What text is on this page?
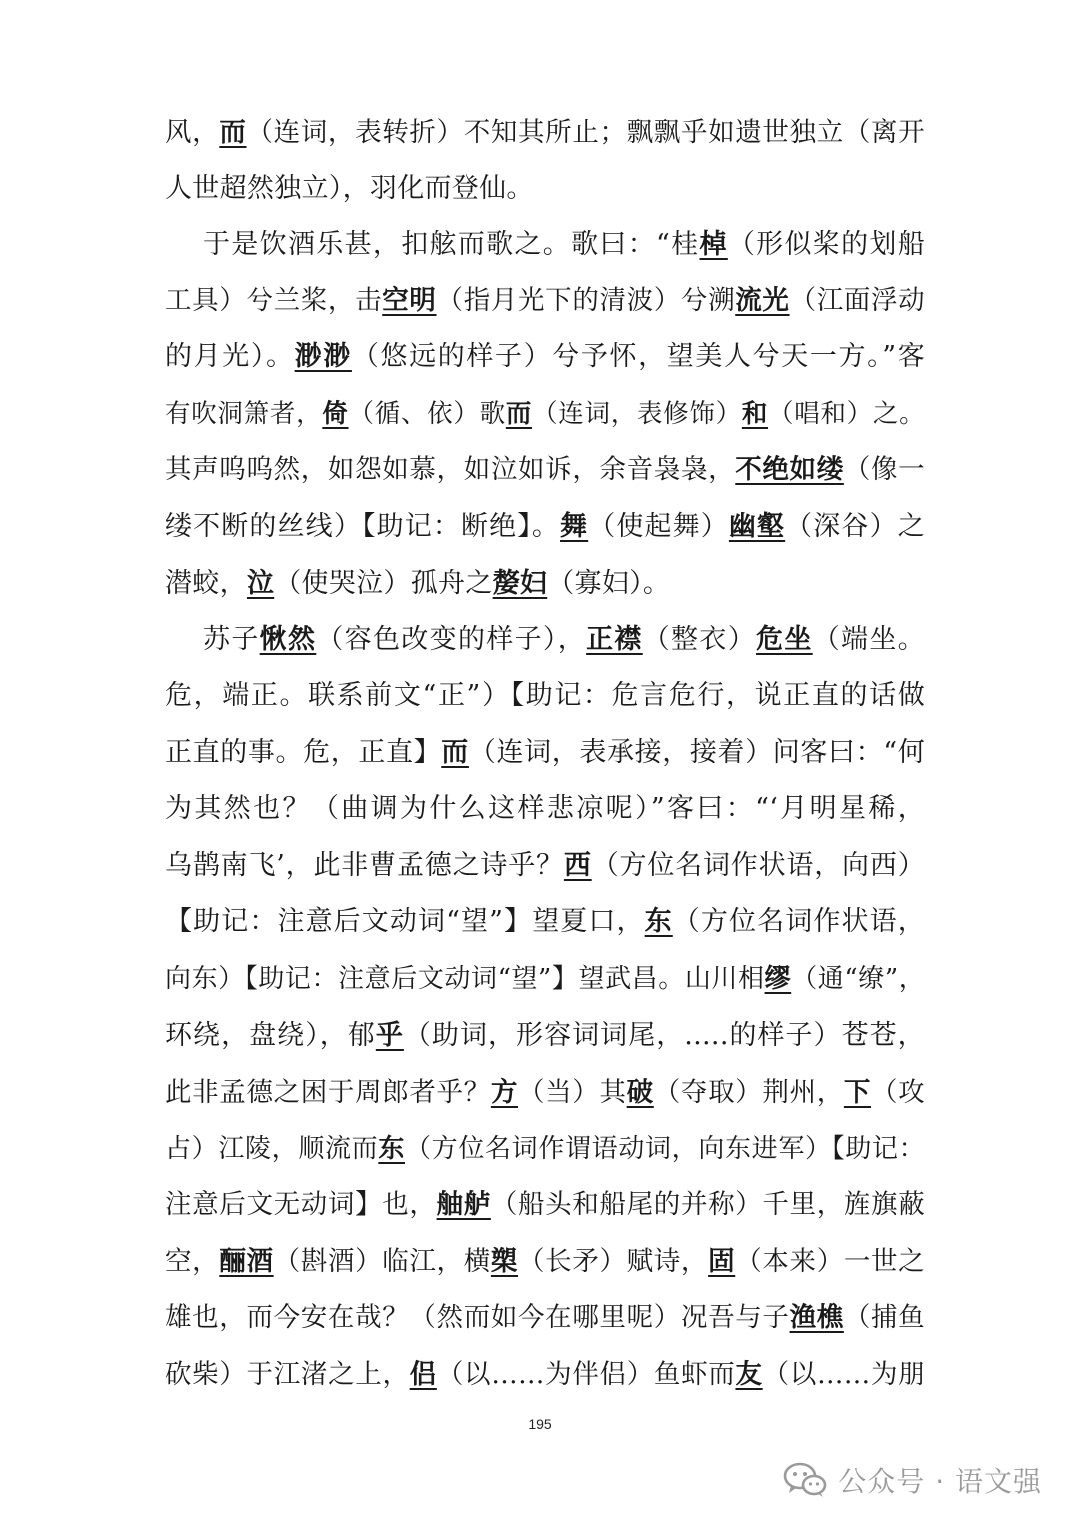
风，而（连词，表转折）不知其所止；飘飘乎如遗世独立（离开
人世超然独立），羽化而登仙。
于是饮酒乐甚，扣舷而歌之。歌曰：“桂棹（形似桨的划船
工具）兮兰桨，击空明（指月光下的清波）兮溯流光（江面浮动
的月光）。渺渺（悠远的样子）兮予怀，望美人兮天一方。”客
有吹洞箫者，倚（循、依）歌而（连词，表修饰）和（唱和）之。
其声呜呜然，如怨如慕，如泣如诉，余音袅袅，不绝如缕（像一
缕不断的丝线）【助记：断绝】。舞（使起舞）幽壑（深谷）之
潜蛟，泣（使哭泣）孤舟之嫠妇（寡妇）。
苏子愀然（容色改变的样子），正襟（整衣）危坐（端坐。
危，端正。联系前文“正”）【助记：危言危行，说正直的话做
正直的事。危，正直】而（连词，表承接，接着）问客曰：“何
为其然也？（曲调为什么这样悲凉呢）”客曰：“‘月明星稀，
乌鹊南飞’，此非曹孟德之诗乎？西（方位名词作状语，向西）
【助记：注意后文动词“望”】望夏口，东（方位名词作状语，
向东）【助记：注意后文动词“望”】望武昌。山川相缪（通“缭”，
环绕，盘绕），郁乎（助词，形容词词尾，.....的样子）苍苍，
此非孟德之困于周郎者乎？方（当）其破（夺取）荆州，下（攻
占）江陵，顺流而东（方位名词作谓语动词，向东进军）【助记：
注意后文无动词】也，舳舻（船头和船尾的并称）千里，旌旗蔽
空，酾酒（斟酒）临江，横槊（长矛）赋诗，固（本来）一世之
雄也，而今安在哉？（然而如今在哪里呢）况吾与子渔樵（捕鱼
砍柴）于江渚之上，侣（以……为伴侣）鱼虾而友（以……为朋
195
公众号 · 语文强
